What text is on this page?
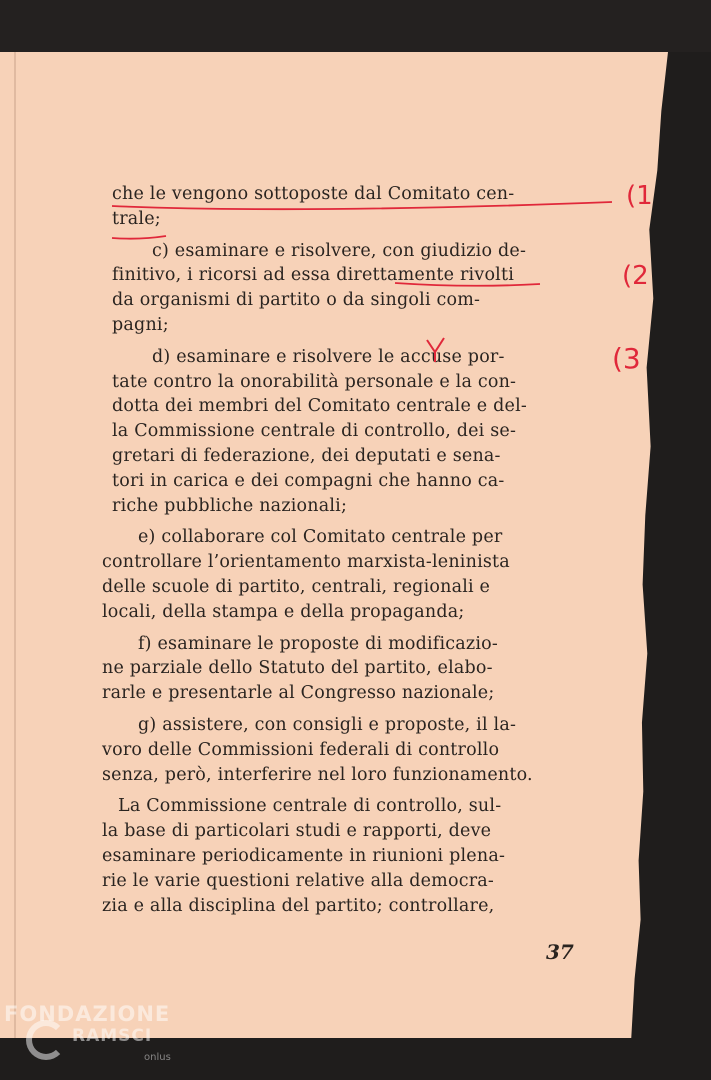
che le vengono sottoposte dal Comitato cen-
trale;
c) esaminare e risolvere, con giudizio de-
finitivo, i ricorsi ad essa direttamente rivolti
da organismi di partito o da singoli com-
pagni;
d) esaminare e risolvere le accuse por-
tate contro la onorabilità personale e la con-
dotta dei membri del Comitato centrale e del-
la Commissione centrale di controllo, dei se-
gretari di federazione, dei deputati e sena-
tori in carica e dei compagni che hanno ca-
riche pubbliche nazionali;
e) collaborare col Comitato centrale per
controllare l’orientamento marxista-leninista
delle scuole di partito, centrali, regionali e
locali, della stampa e della propaganda;
f) esaminare le proposte di modificazio-
ne parziale dello Statuto del partito, elabo-
rarle e presentarle al Congresso nazionale;
g) assistere, con consigli e proposte, il la-
voro delle Commissioni federali di controllo
senza, però, interferire nel loro funzionamento.
La Commissione centrale di controllo, sul-
la base di particolari studi e rapporti, deve
esaminare periodicamente in riunioni plena-
rie le varie questioni relative alla democra-
zia e alla disciplina del partito; controllare,
37
(1
(2
(3
FONDAZIONE
RAMSCI
onlus
